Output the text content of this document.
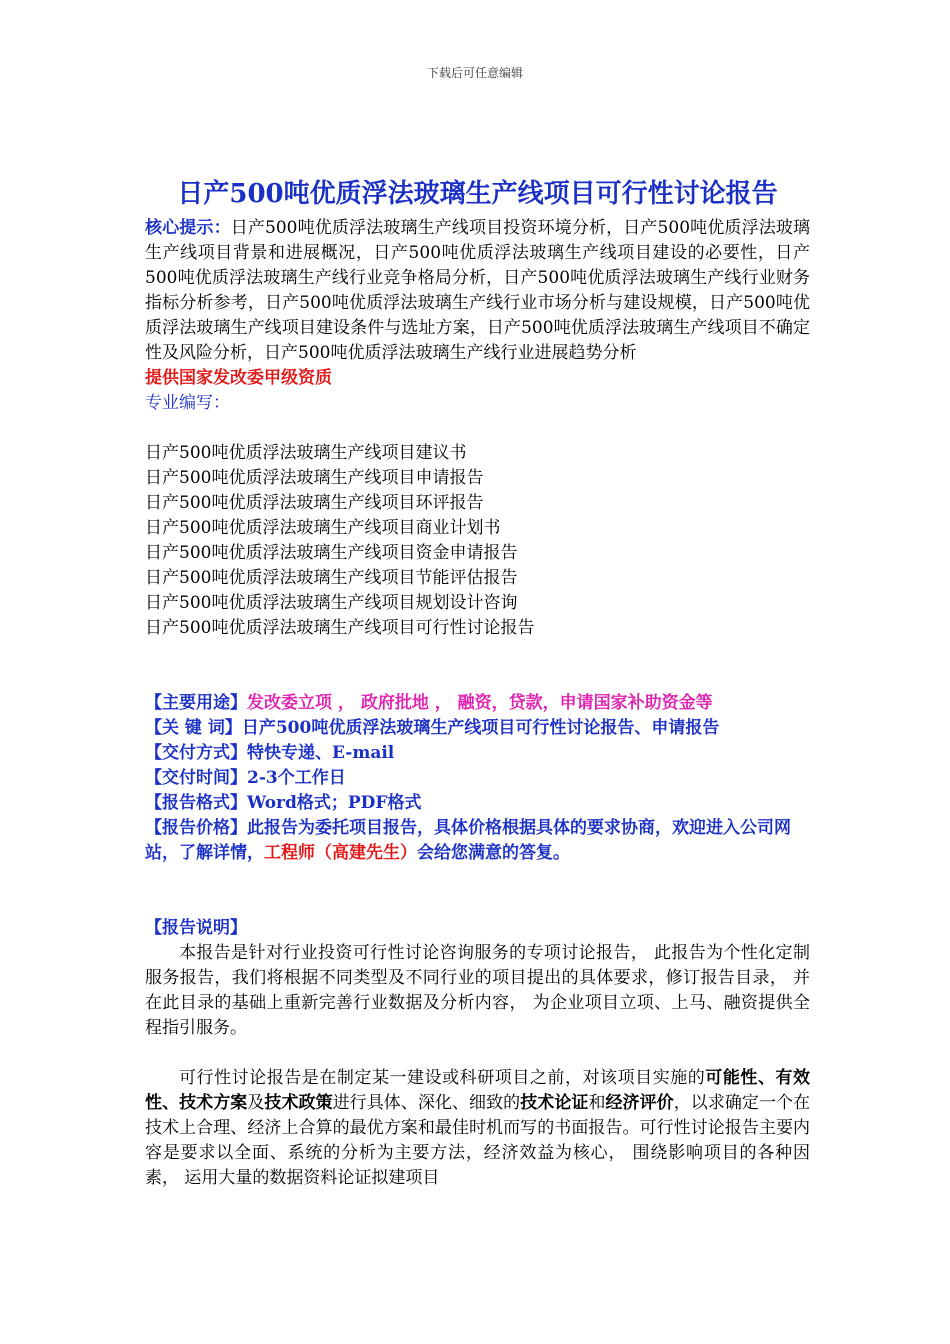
下载后可任意编辑
日产500吨优质浮法玻璃生产线项目可行性讨论报告

核心提示：日产500吨优质浮法玻璃生产线项目投资环境分析，日产500吨优质浮法玻璃生产线项目背景和进展概况，日产500吨优质浮法玻璃生产线项目建设的必要性，日产500吨优质浮法玻璃生产线行业竞争格局分析，日产500吨优质浮法玻璃生产线行业财务指标分析参考，日产500吨优质浮法玻璃生产线行业市场分析与建设规模，日产500吨优质浮法玻璃生产线项目建设条件与选址方案，日产500吨优质浮法玻璃生产线项目不确定性及风险分析，日产500吨优质浮法玻璃生产线行业进展趋势分析

提供国家发改委甲级资质

专业编写：

日产500吨优质浮法玻璃生产线项目建议书

日产500吨优质浮法玻璃生产线项目申请报告

日产500吨优质浮法玻璃生产线项目环评报告

日产500吨优质浮法玻璃生产线项目商业计划书

日产500吨优质浮法玻璃生产线项目资金申请报告

日产500吨优质浮法玻璃生产线项目节能评估报告

日产500吨优质浮法玻璃生产线项目规划设计咨询

日产500吨优质浮法玻璃生产线项目可行性讨论报告

【主要用途】发改委立项 ， 政府批地 ， 融资，贷款，申请国家补助资金等

【关 键 词】日产500吨优质浮法玻璃生产线项目可行性讨论报告、申请报告

【交付方式】特快专递、E-mail

【交付时间】2-3个工作日

【报告格式】Word格式；PDF格式

【报告价格】此报告为委托项目报告，具体价格根据具体的要求协商，欢迎进入公司网站，了解详情，工程师（高建先生）会给您满意的答复。

【报告说明】

本报告是针对行业投资可行性讨论咨询服务的专项讨论报告， 此报告为个性化定制服务报告，我们将根据不同类型及不同行业的项目提出的具体要求，修订报告目录， 并在此目录的基础上重新完善行业数据及分析内容， 为企业项目立项、上马、融资提供全程指引服务。

可行性讨论报告是在制定某一建设或科研项目之前，对该项目实施的可能性、有效性、技术方案及技术政策进行具体、深化、细致的技术论证和经济评价，以求确定一个在技术上合理、经济上合算的最优方案和最佳时机而写的书面报告。可行性讨论报告主要内容是要求以全面、系统的分析为主要方法，经济效益为核心， 围绕影响项目的各种因素， 运用大量的数据资料论证拟建项目
